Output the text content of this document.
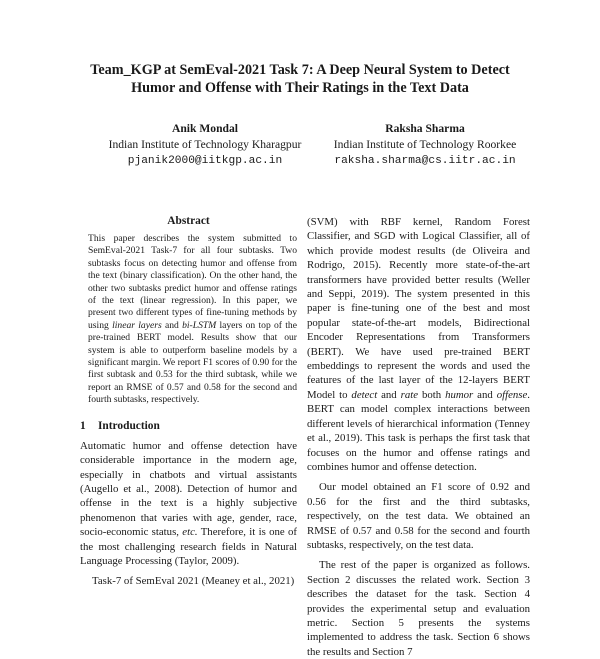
Team_KGP at SemEval-2021 Task 7: A Deep Neural System to Detect
Humor and Offense with Their Ratings in the Text Data
Anik Mondal
Indian Institute of Technology Kharagpur
pjanik2000@iitkgp.ac.in
Raksha Sharma
Indian Institute of Technology Roorkee
raksha.sharma@cs.iitr.ac.in
Abstract
This paper describes the system submitted to SemEval-2021 Task-7 for all four subtasks. Two subtasks focus on detecting humor and offense from the text (binary classification). On the other hand, the other two subtasks predict humor and offense ratings of the text (linear regression). In this paper, we present two different types of fine-tuning methods by using linear layers and bi-LSTM layers on top of the pre-trained BERT model. Results show that our system is able to outperform baseline models by a significant margin. We report F1 scores of 0.90 for the first subtask and 0.53 for the third subtask, while we report an RMSE of 0.57 and 0.58 for the second and fourth subtasks, respectively.
1 Introduction
Automatic humor and offense detection have considerable importance in the modern age, especially in chatbots and virtual assistants (Augello et al., 2008). Detection of humor and offense in the text is a highly subjective phenomenon that varies with age, gender, race, socio-economic status, etc. Therefore, it is one of the most challenging research fields in Natural Language Processing (Taylor, 2009).
Task-7 of SemEval 2021 (Meaney et al., 2021)
(SVM) with RBF kernel, Random Forest Classifier, and SGD with Logical Classifier, all of which provide modest results (de Oliveira and Rodrigo, 2015). Recently more state-of-the-art transformers have provided better results (Weller and Seppi, 2019). The system presented in this paper is fine-tuning one of the best and most popular state-of-the-art models, Bidirectional Encoder Representations from Transformers (BERT). We have used pre-trained BERT embeddings to represent the words and used the features of the last layer of the 12-layers BERT Model to detect and rate both humor and offense. BERT can model complex interactions between different levels of hierarchical information (Tenney et al., 2019). This task is perhaps the first task that focuses on the humor and offense ratings and combines humor and offense detection.
Our model obtained an F1 score of 0.92 and 0.56 for the first and the third subtasks, respectively, on the test data. We obtained an RMSE of 0.57 and 0.58 for the second and fourth subtasks, respectively, on the test data.
The rest of the paper is organized as follows. Section 2 discusses the related work. Section 3 describes the dataset for the task. Section 4 provides the experimental setup and evaluation metric. Section 5 presents the systems implemented to address the task. Section 6 shows the results and Section 7
